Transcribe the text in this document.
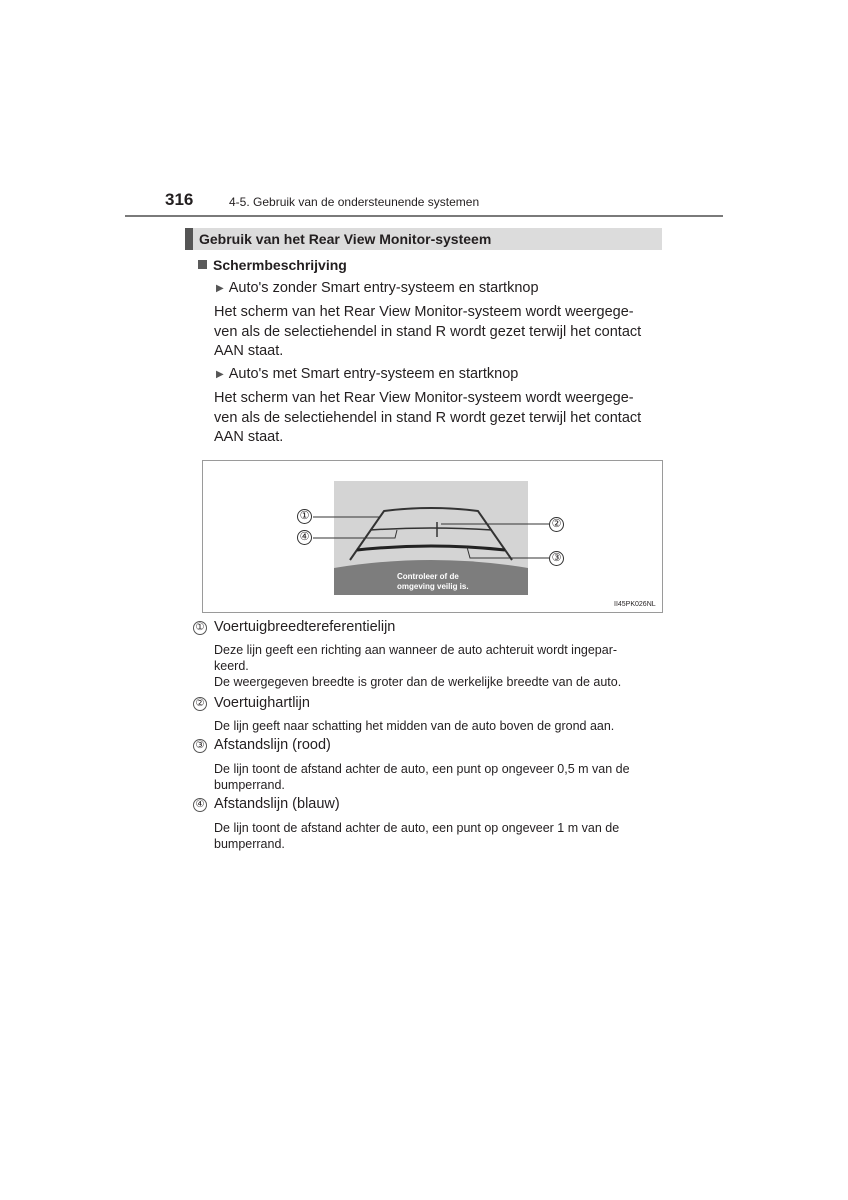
316	4-5. Gebruik van de ondersteunende systemen
Gebruik van het Rear View Monitor-systeem
Schermbeschrijving
▶ Auto's zonder Smart entry-systeem en startknop
Het scherm van het Rear View Monitor-systeem wordt weergege-
ven als de selectiehendel in stand R wordt gezet terwijl het contact
AAN staat.
▶ Auto's met Smart entry-systeem en startknop
Het scherm van het Rear View Monitor-systeem wordt weergege-
ven als de selectiehendel in stand R wordt gezet terwijl het contact
AAN staat.
Controleer of de
omgeving veilig is.
①
②
③
④
II45PK026NL
① Voertuigbreedtereferentielijn
Deze lijn geeft een richting aan wanneer de auto achteruit wordt ingepar-
keerd.
De weergegeven breedte is groter dan de werkelijke breedte van de auto.
② Voertuighartlijn
De lijn geeft naar schatting het midden van de auto boven de grond aan.
③ Afstandslijn (rood)
De lijn toont de afstand achter de auto, een punt op ongeveer 0,5 m van de
bumperrand.
④ Afstandslijn (blauw)
De lijn toont de afstand achter de auto, een punt op ongeveer 1 m van de
bumperrand.
